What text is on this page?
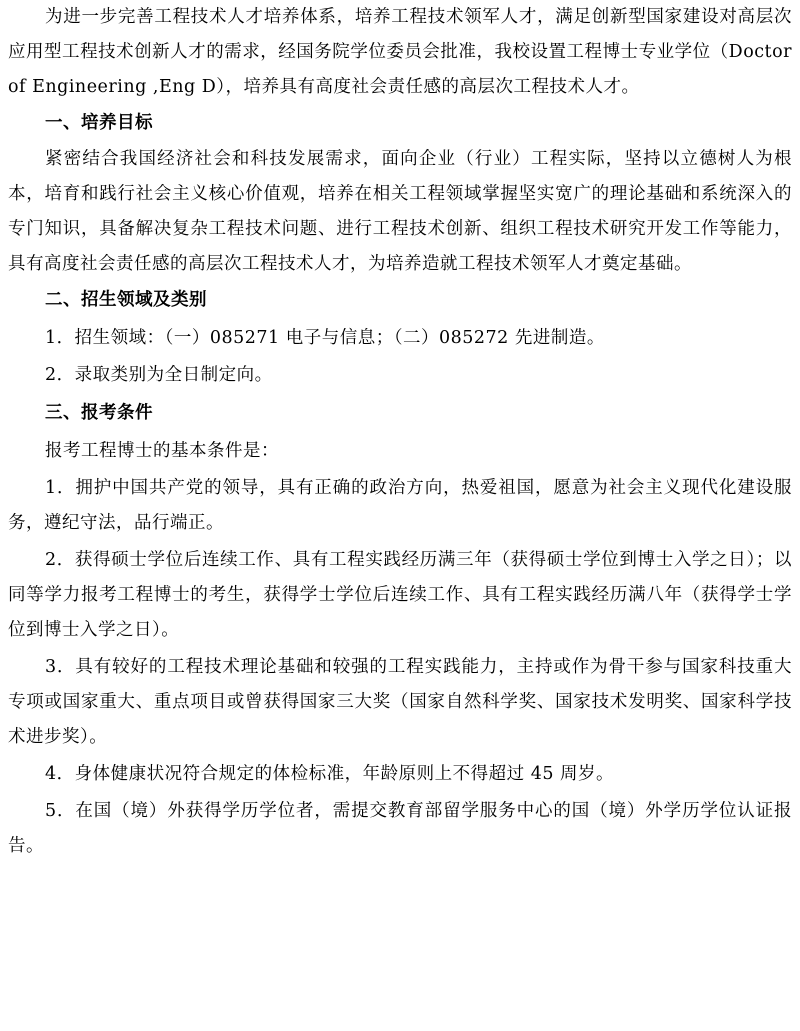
为进一步完善工程技术人才培养体系，培养工程技术领军人才，满足创新型国家建设对高层次应用型工程技术创新人才的需求，经国务院学位委员会批准，我校设置工程博士专业学位（Doctor of Engineering ,Eng D），培养具有高度社会责任感的高层次工程技术人才。

一、培养目标

紧密结合我国经济社会和科技发展需求，面向企业（行业）工程实际，坚持以立德树人为根本，培育和践行社会主义核心价值观，培养在相关工程领域掌握坚实宽广的理论基础和系统深入的专门知识，具备解决复杂工程技术问题、进行工程技术创新、组织工程技术研究开发工作等能力，具有高度社会责任感的高层次工程技术人才，为培养造就工程技术领军人才奠定基础。

二、招生领域及类别

1．招生领域：（一）085271 电子与信息；（二）085272 先进制造。

2．录取类别为全日制定向。

三、报考条件

报考工程博士的基本条件是：

1．拥护中国共产党的领导，具有正确的政治方向，热爱祖国，愿意为社会主义现代化建设服务，遵纪守法，品行端正。

2．获得硕士学位后连续工作、具有工程实践经历满三年（获得硕士学位到博士入学之日）；以同等学力报考工程博士的考生，获得学士学位后连续工作、具有工程实践经历满八年（获得学士学位到博士入学之日）。

3．具有较好的工程技术理论基础和较强的工程实践能力，主持或作为骨干参与国家科技重大专项或国家重大、重点项目或曾获得国家三大奖（国家自然科学奖、国家技术发明奖、国家科学技术进步奖）。

4．身体健康状况符合规定的体检标准，年龄原则上不得超过 45 周岁。

5．在国（境）外获得学历学位者，需提交教育部留学服务中心的国（境）外学历学位认证报告。
